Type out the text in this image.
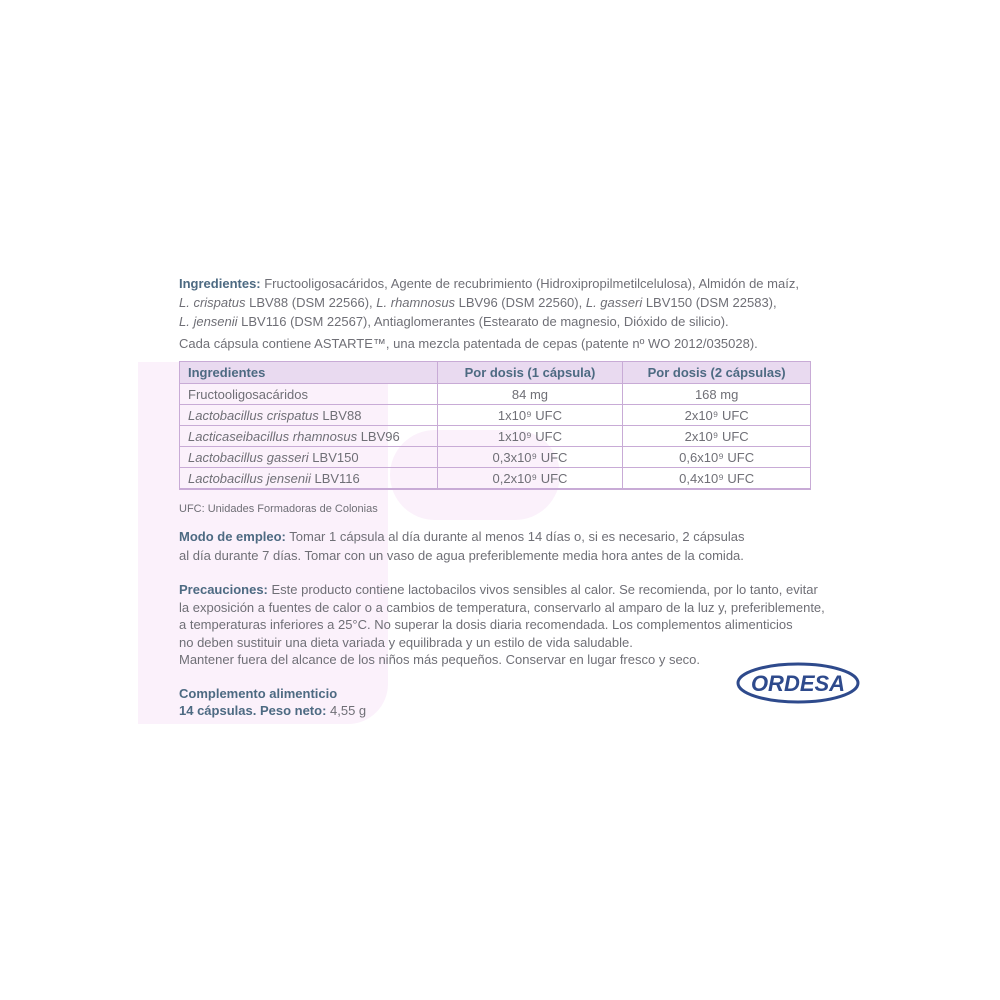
Ingredientes: Fructooligosacáridos, Agente de recubrimiento (Hidroxipropilmetilcelulosa), Almidón de maíz,
L. crispatus LBV88 (DSM 22566), L. rhamnosus LBV96 (DSM 22560), L. gasseri LBV150 (DSM 22583),
L. jensenii LBV116 (DSM 22567), Antiaglomerantes (Estearato de magnesio, Dióxido de silicio).

Cada cápsula contiene ASTARTE™, una mezcla patentada de cepas (patente nº WO 2012/035028).

Ingredientes	Por dosis (1 cápsula)	Por dosis (2 cápsulas)
Fructooligosacáridos	84 mg	168 mg
Lactobacillus crispatus LBV88	1x10⁹ UFC	2x10⁹ UFC
Lacticaseibacillus rhamnosus LBV96	1x10⁹ UFC	2x10⁹ UFC
Lactobacillus gasseri LBV150	0,3x10⁹ UFC	0,6x10⁹ UFC
Lactobacillus jensenii LBV116	0,2x10⁹ UFC	0,4x10⁹ UFC

UFC: Unidades Formadoras de Colonias

Modo de empleo: Tomar 1 cápsula al día durante al menos 14 días o, si es necesario, 2 cápsulas
al día durante 7 días. Tomar con un vaso de agua preferiblemente media hora antes de la comida.

Precauciones: Este producto contiene lactobacilos vivos sensibles al calor. Se recomienda, por lo tanto, evitar
la exposición a fuentes de calor o a cambios de temperatura, conservarlo al amparo de la luz y, preferiblemente,
a temperaturas inferiores a 25°C. No superar la dosis diaria recomendada. Los complementos alimenticios
no deben sustituir una dieta variada y equilibrada y un estilo de vida saludable.
Mantener fuera del alcance de los niños más pequeños. Conservar en lugar fresco y seco.

Complemento alimenticio
14 cápsulas. Peso neto: 4,55 g

ORDESA
